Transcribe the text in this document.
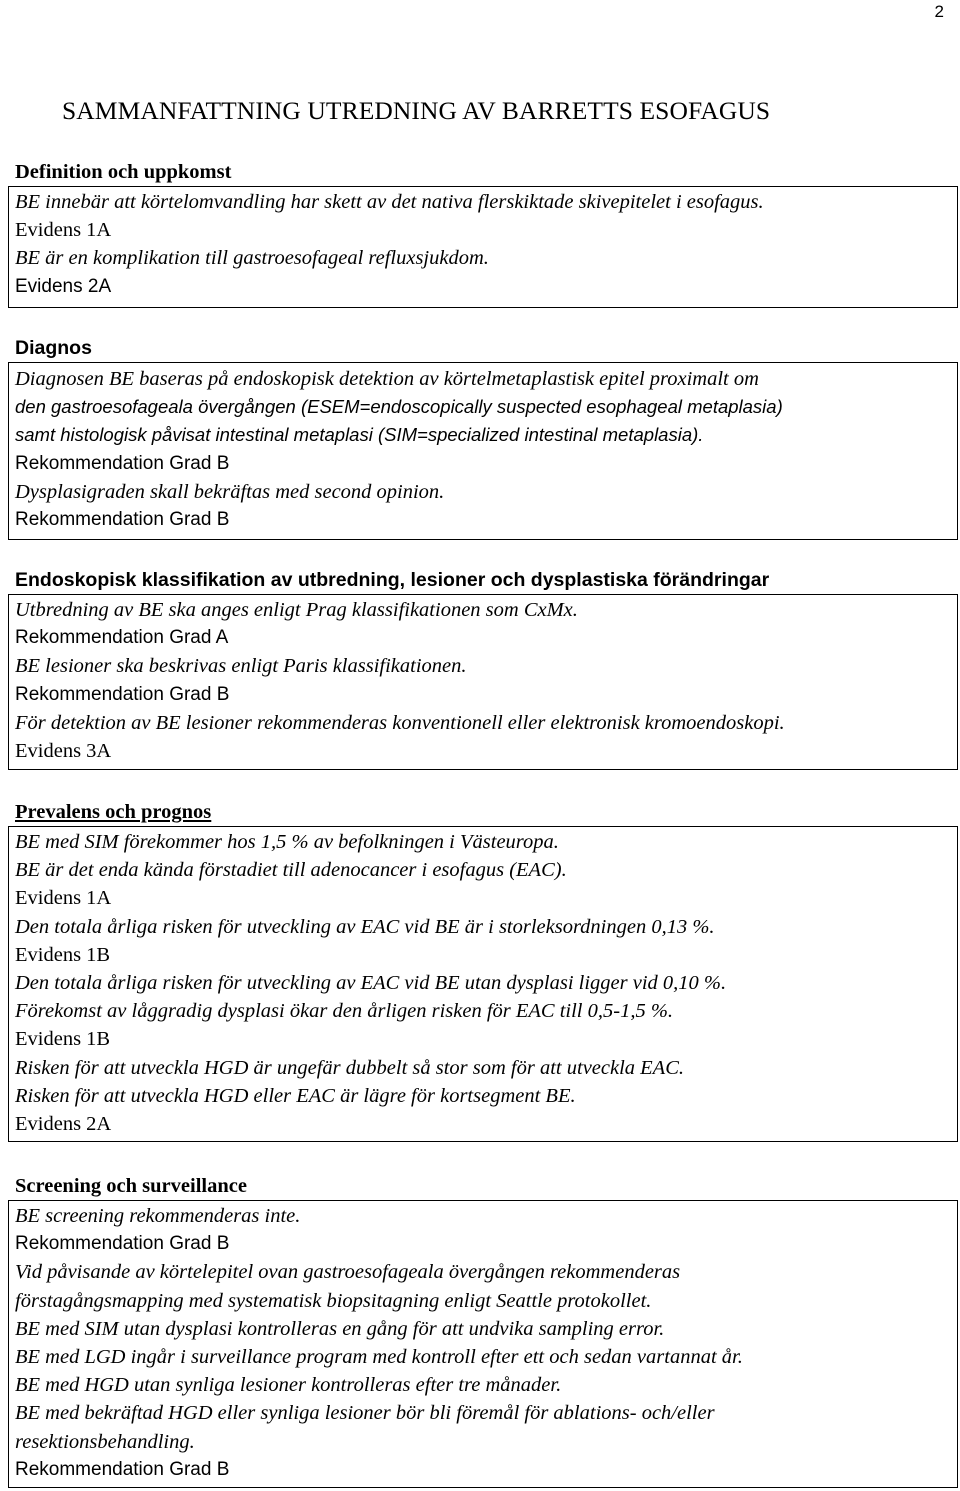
2
SAMMANFATTNING UTREDNING AV BARRETTS ESOFAGUS
Definition och uppkomst
BE innebär att körtelomvandling har skett av det nativa flerskiktade skivepitelet i esofagus.
Evidens 1A
BE är en komplikation till gastroesofageal refluxsjukdom.
Evidens 2A
Diagnos
Diagnosen BE baseras på endoskopisk detektion av körtelmetaplastisk epitel proximalt om
den gastroesofageala övergången (ESEM=endoscopically suspected esophageal metaplasia)
samt histologisk påvisat intestinal metaplasi (SIM=specialized intestinal metaplasia).
Rekommendation Grad B
Dysplasigraden skall bekräftas med second opinion.
Rekommendation Grad B
Endoskopisk klassifikation av utbredning, lesioner och dysplastiska förändringar
Utbredning av BE ska anges enligt Prag klassifikationen som CxMx.
Rekommendation Grad A
BE lesioner ska beskrivas enligt Paris klassifikationen.
Rekommendation Grad B
För detektion av BE lesioner rekommenderas konventionell eller elektronisk kromoendoskopi.
Evidens 3A
Prevalens och prognos
BE med SIM förekommer hos 1,5 % av befolkningen i Västeuropa.
BE är det enda kända förstadiet till adenocancer i esofagus (EAC).
Evidens 1A
Den totala årliga risken för utveckling av EAC vid BE är i storleksordningen 0,13 %.
Evidens 1B
Den totala årliga risken för utveckling av EAC vid BE utan dysplasi ligger vid 0,10 %.
Förekomst av låggradig dysplasi ökar den årligen risken för EAC till 0,5-1,5 %.
Evidens 1B
Risken för att utveckla HGD är ungefär dubbelt så stor som för att utveckla EAC.
Risken för att utveckla HGD eller EAC är lägre för kortsegment BE.
Evidens 2A
Screening och surveillance
BE screening rekommenderas inte.
Rekommendation Grad B
Vid påvisande av körtelepitel ovan gastroesofageala övergången rekommenderas
förstagångsmapping med systematisk biopsitagning enligt Seattle protokollet.
BE med SIM utan dysplasi kontrolleras en gång för att undvika sampling error.
BE med LGD ingår i surveillance program med kontroll efter ett och sedan vartannat år.
BE med HGD utan synliga lesioner kontrolleras efter tre månader.
BE med bekräftad HGD eller synliga lesioner bör bli föremål för ablations- och/eller
resektionsbehandling.
Rekommendation Grad B
